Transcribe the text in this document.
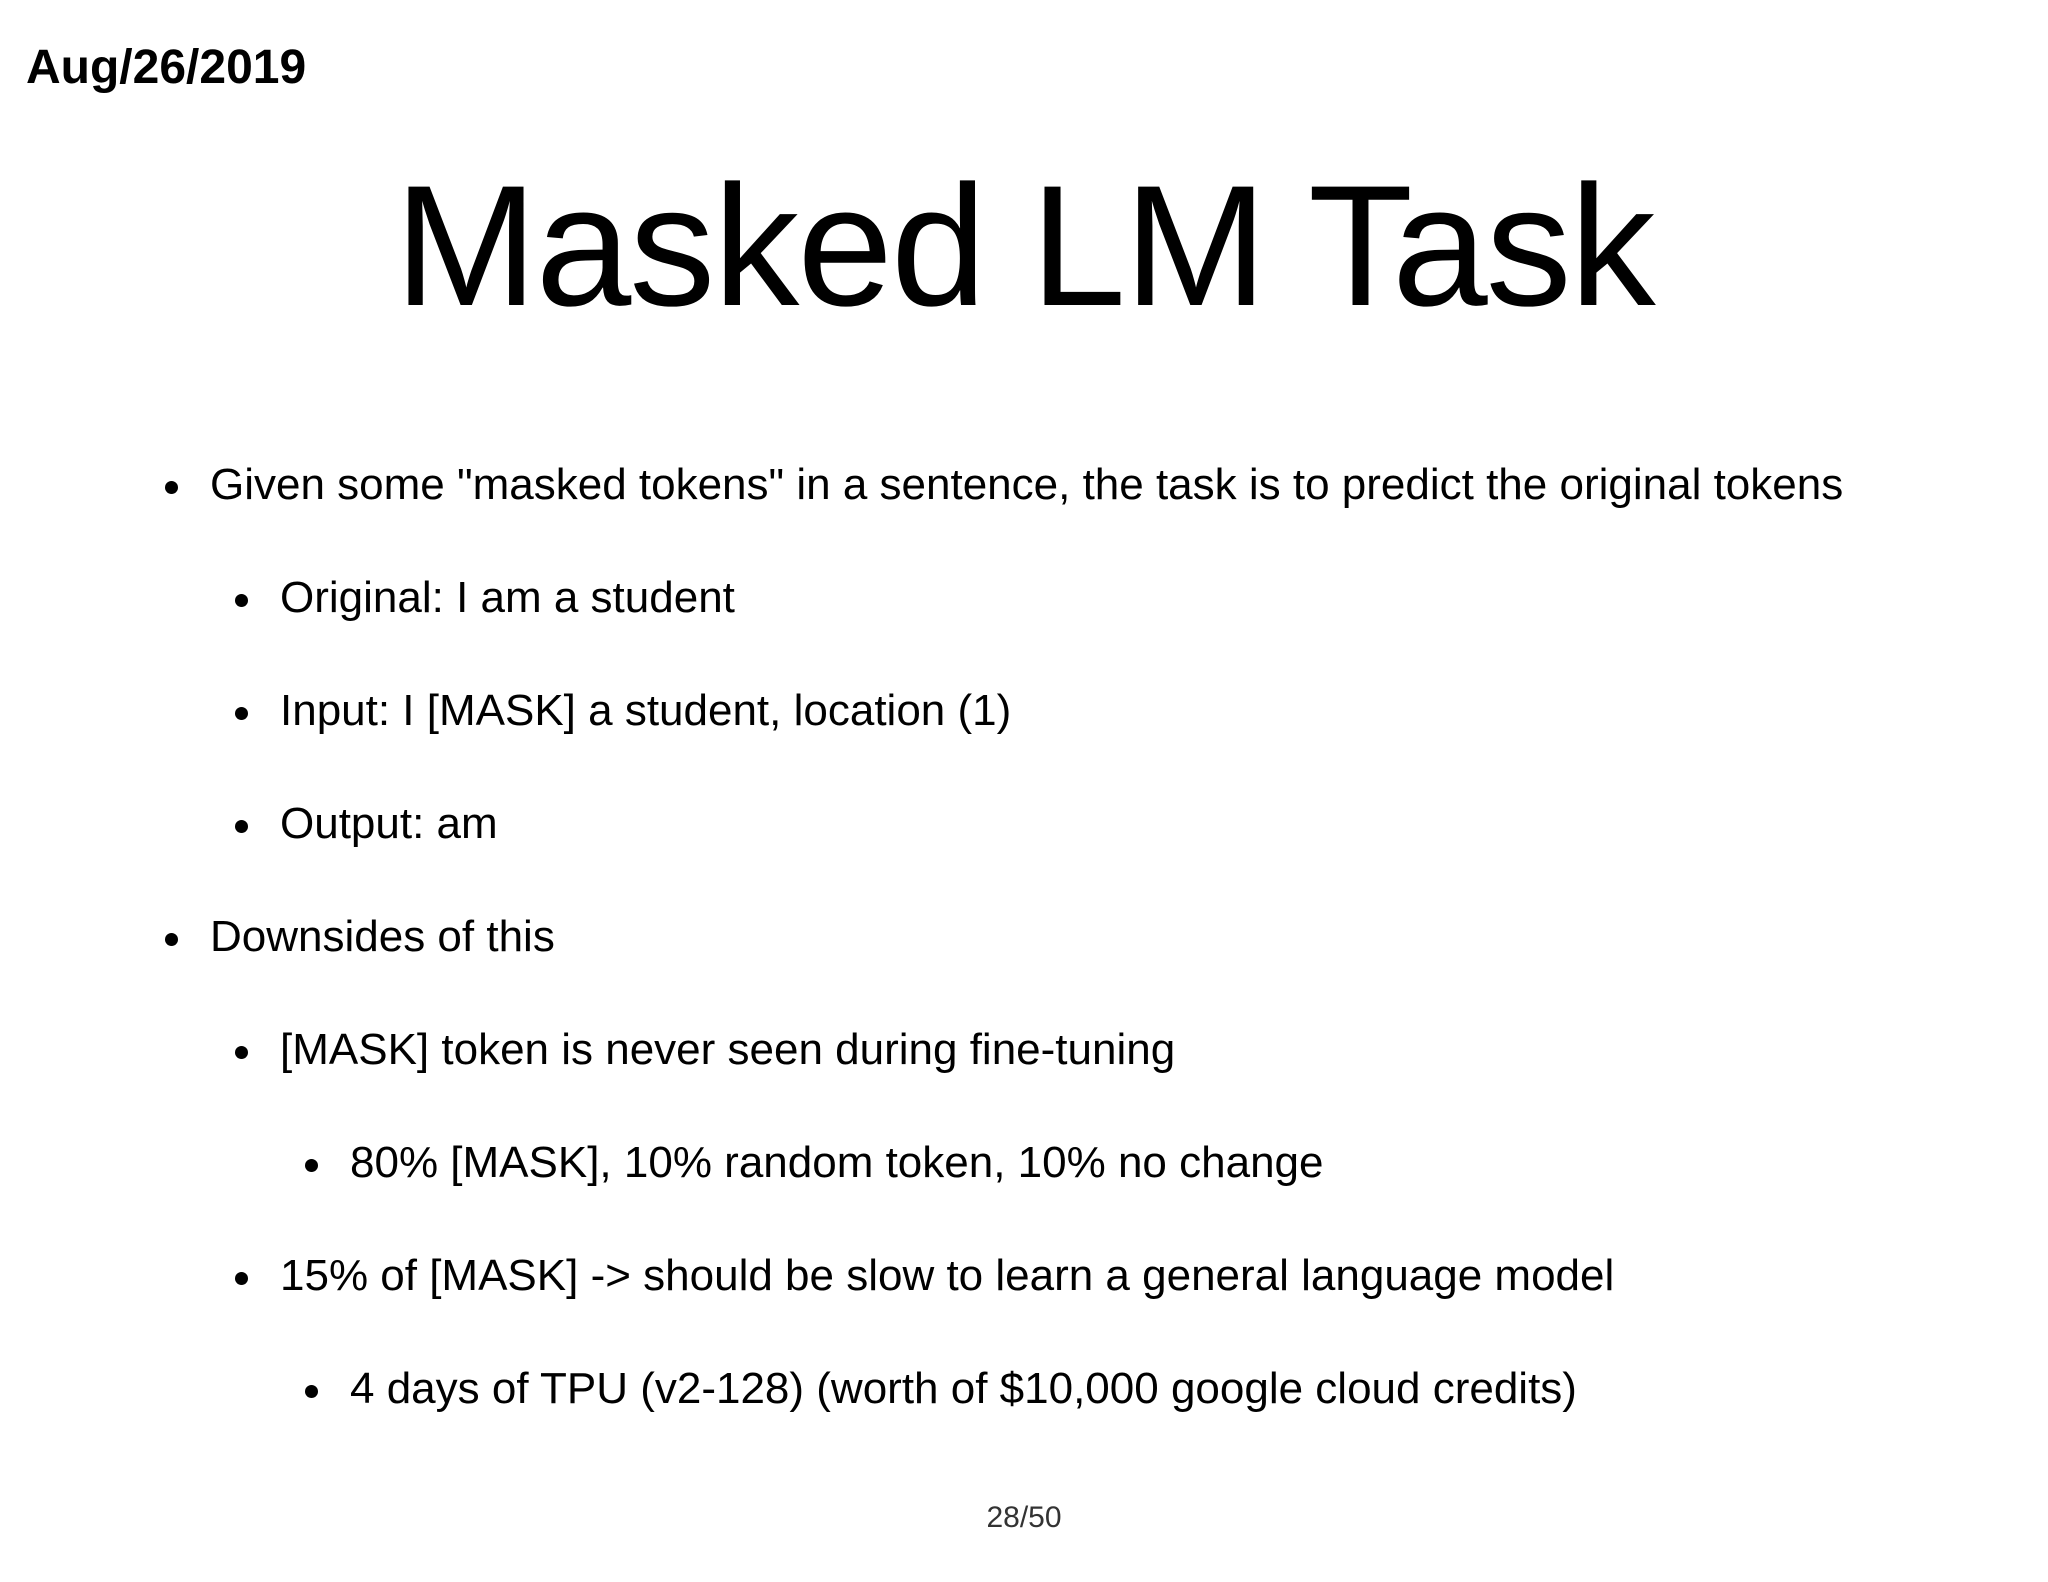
Aug/26/2019
Masked LM Task
Given some "masked tokens" in a sentence, the task is to predict the original tokens
Original: I am a student
Input: I [MASK] a student, location (1)
Output: am
Downsides of this
[MASK] token is never seen during fine-tuning
80% [MASK], 10% random token, 10% no change
15% of [MASK] -> should be slow to learn a general language model
4 days of TPU (v2-128) (worth of $10,000 google cloud credits)
28/50
